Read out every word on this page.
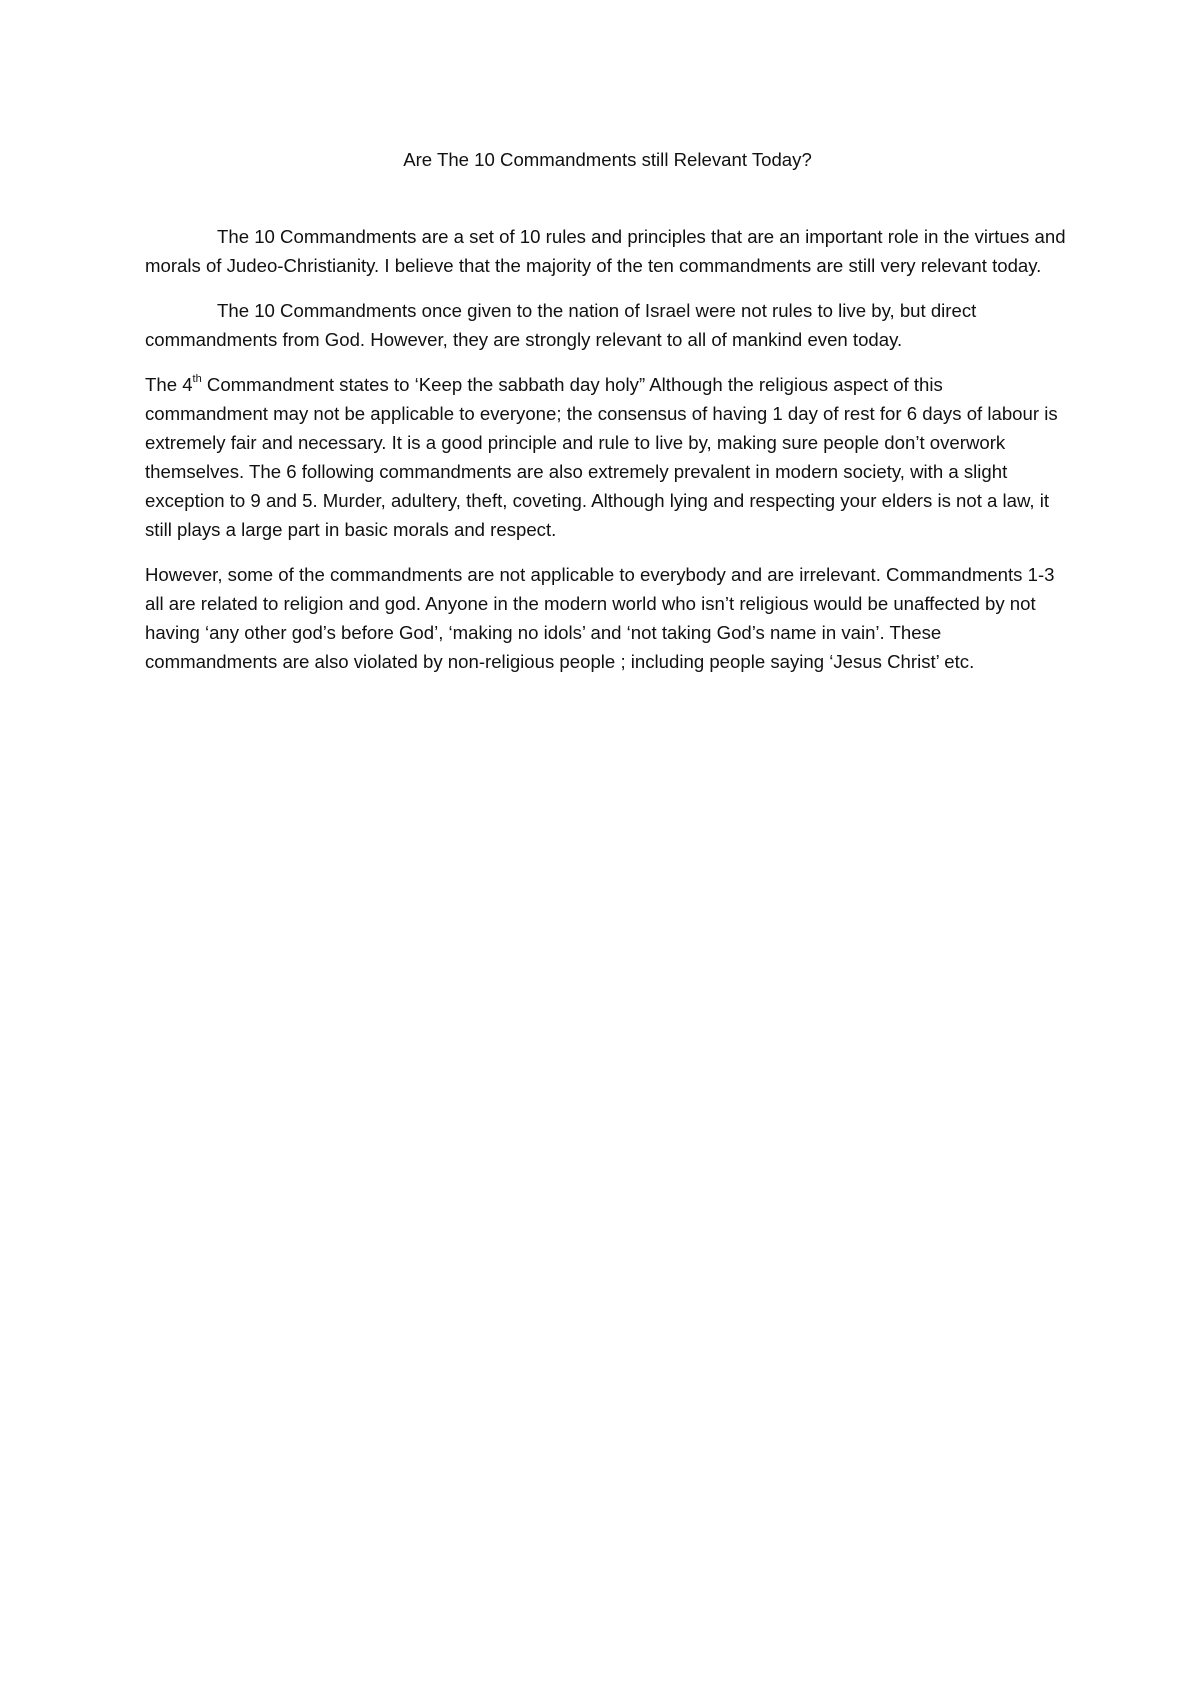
Are The 10 Commandments still Relevant Today?

The 10 Commandments are a set of 10 rules and principles that are an important role in the virtues and morals of Judeo-Christianity. I believe that the majority of the ten commandments are still very relevant today.

The 10 Commandments once given to the nation of Israel were not rules to live by, but direct commandments from God. However, they are strongly relevant to all of mankind even today.

The 4th Commandment states to ‘Keep the sabbath day holy” Although the religious aspect of this commandment may not be applicable to everyone; the consensus of having 1 day of rest for 6 days of labour is extremely fair and necessary. It is a good principle and rule to live by, making sure people don’t overwork themselves. The 6 following commandments are also extremely prevalent in modern society, with a slight exception to 9 and 5. Murder, adultery, theft, coveting. Although lying and respecting your elders is not a law, it still plays a large part in basic morals and respect.

However, some of the commandments are not applicable to everybody and are irrelevant. Commandments 1-3 all are related to religion and god. Anyone in the modern world who isn’t religious would be unaffected by not having ‘any other god’s before God’, ‘making no idols’ and ‘not taking God’s name in vain’. These commandments are also violated by non-religious people ; including people saying ‘Jesus Christ’ etc.
